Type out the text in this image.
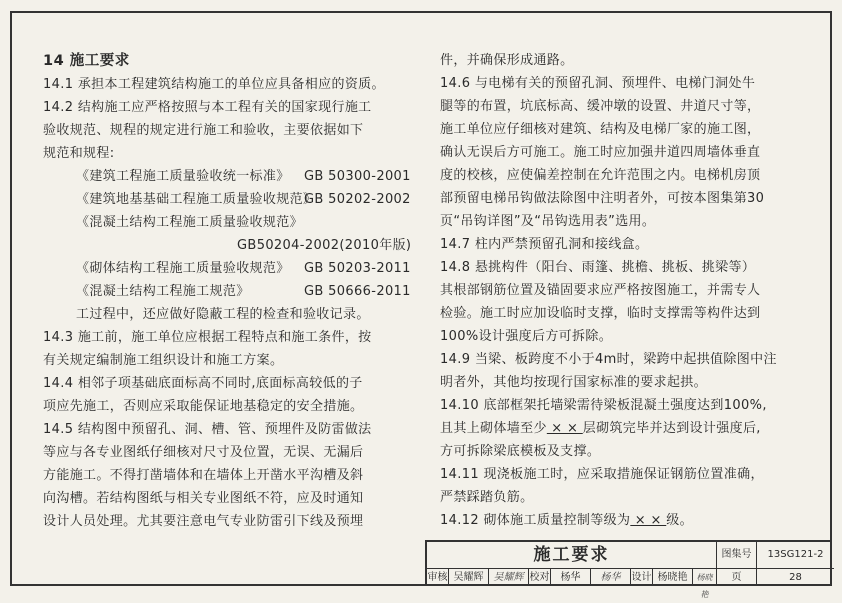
14 施工要求
14.1 承担本工程建筑结构施工的单位应具备相应的资质。
14.2 结构施工应严格按照与本工程有关的国家现行施工
验收规范、规程的规定进行施工和验收，主要依据如下
规范和规程:
《建筑工程施工质量验收统一标准》 GB 50300-2001
《建筑地基基础工程施工质量验收规范》
GB 50202-2002
《混凝土结构工程施工质量验收规范》
GB50204-2002(2010年版)
《砌体结构工程施工质量验收规范》 GB 50203-2011
《混凝土结构工程施工规范》	GB 50666-2011
工过程中，还应做好隐蔽工程的检查和验收记录。
14.3 施工前，施工单位应根据工程特点和施工条件，按
有关规定编制施工组织设计和施工方案。
14.4 相邻子项基础底面标高不同时,底面标高较低的子
项应先施工，否则应采取能保证地基稳定的安全措施。
14.5 结构图中预留孔、洞、槽、管、预埋件及防雷做法
等应与各专业图纸仔细核对尺寸及位置，无误、无漏后
方能施工。不得打凿墙体和在墙体上开凿水平沟槽及斜
向沟槽。若结构图纸与相关专业图纸不符，应及时通知
设计人员处理。尤其要注意电气专业防雷引下线及预埋
件，并确保形成通路。
14.6 与电梯有关的预留孔洞、预埋件、电梯门洞处牛
腿等的布置，坑底标高、缓冲墩的设置、井道尺寸等，
施工单位应仔细核对建筑、结构及电梯厂家的施工图，
确认无误后方可施工。施工时应加强井道四周墙体垂直
度的校核，应使偏差控制在允许范围之内。电梯机房顶
部预留电梯吊钩做法除图中注明者外，可按本图集第30
页“吊钩详图”及“吊钩选用表”选用。
14.7 柱内严禁预留孔洞和接线盒。
14.8 悬挑构件（阳台、雨篷、挑檐、挑板、挑梁等）
其根部钢筋位置及锚固要求应严格按图施工，并需专人
检验。施工时应加设临时支撑，临时支撑需等构件达到
100%设计强度后方可拆除。
14.9 当梁、板跨度不小于4m时，梁跨中起拱值除图中注
明者外，其他均按现行国家标准的要求起拱。
14.10 底部框架托墙梁需待梁板混凝土强度达到100%,
且其上砌体墙至少 × × 层砌筑完毕并达到设计强度后,
方可拆除梁底模板及支撑。
14.11 现浇板施工时，应采取措施保证钢筋位置准确，
严禁踩踏负筋。
14.12 砌体施工质量控制等级为 × × 级。
施工要求	图集号	13SG121-2
审核 吴耀辉	吴耀辉 校对	杨华	杨华	设计 杨晓艳	杨晓艳
页	28
